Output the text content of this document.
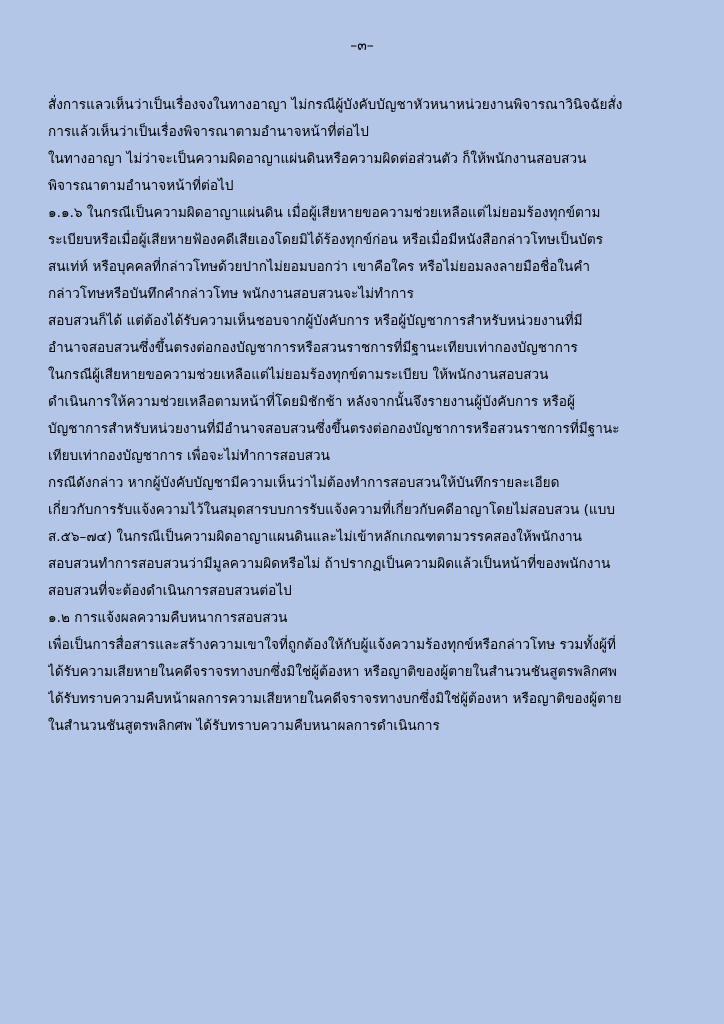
–๓–
สั่งการแลวเห็นว่าเป็นเรื่องจงในทางอาญา ไม่กรณีผู้บังคับบัญชาหัวหนาหน่วยงานพิจารณาวินิจฉัยสั่ง
การแล้วเห็นว่าเป็นเรื่องพิจารณาตามอำนาจหน้าที่ต่อไป
ในทางอาญา ไม่ว่าจะเป็นความผิดอาญาแผ่นดินหรือความผิดต่อส่วนตัว ก็ให้พนักงานสอบสวน
พิจารณาตามอำนาจหน้าที่ต่อไป
๑.๑.๖ ในกรณีเป็นความผิดอาญาแผ่นดิน เมื่อผู้เสียหายขอความช่วยเหลือแต่ไม่ยอมร้องทุกข์ตาม
ระเบียบหรือเมื่อผู้เสียหายฟ้องคดีเสียเองโดยมิได้ร้องทุกข์ก่อน หรือเมื่อมีหนังสือกล่าวโทษเป็นบัตร
สนเท่ห์ หรือบุคคลที่กล่าวโทษด้วยปากไม่ยอมบอกว่า เขาคือใคร หรือไม่ยอมลงลายมือชื่อในคำ
กล่าวโทษหรือบันทึกคำกล่าวโทษ พนักงานสอบสวนจะไม่ทำการ
สอบสวนก็ได้ แต่ต้องได้รับความเห็นชอบจากผู้บังคับการ หรือผู้บัญชาการสำหรับหน่วยงานที่มี
อำนาจสอบสวนซึ่งขึ้นตรงต่อกองบัญชาการหรือสวนราชการที่มีฐานะเทียบเท่ากองบัญชาการ
ในกรณีผู้เสียหายขอความช่วยเหลือแต่ไม่ยอมร้องทุกข์ตามระเบียบ ให้พนักงานสอบสวน
ดำเนินการให้ความช่วยเหลือตามหน้าที่โดยมิชักช้า หลังจากนั้นจึงรายงานผู้บังคับการ หรือผู้
บัญชาการสำหรับหน่วยงานที่มีอำนาจสอบสวนซึ่งขึ้นตรงต่อกองบัญชาการหรือสวนราชการที่มีฐานะ
เทียบเท่ากองบัญชาการ เพื่อจะไม่ทำการสอบสวน
กรณีดังกล่าว หากผู้บังคับบัญชามีความเห็นว่าไม่ต้องทำการสอบสวนให้บันทึกรายละเอียด
เกี่ยวกับการรับแจ้งความไว้ในสมุดสารบบการรับแจ้งความที่เกี่ยวกับคดีอาญาโดยไม่สอบสวน (แบบ
ส.๕๖–๗๔) ในกรณีเป็นความผิดอาญาแผนดินและไม่เข้าหลักเกณฑตามวรรคสองให้พนักงาน
สอบสวนทำการสอบสวนว่ามีมูลความผิดหรือไม่ ถ้าปรากฏเป็นความผิดแล้วเป็นหน้าที่ของพนักงาน
สอบสวนที่จะต้องดำเนินการสอบสวนต่อไป
๑.๒ การแจ้งผลความคืบหนาการสอบสวน
เพื่อเป็นการสื่อสารและสร้างความเขาใจที่ถูกต้องให้กับผู้แจ้งความร้องทุกข์หรือกล่าวโทษ รวมทั้งผู้ที่
ได้รับความเสียหายในคดีจราจรทางบกซึ่งมิใช่ผู้ต้องหา หรือญาติของผู้ตายในสำนวนชันสูตรพลิกศพ
ได้รับทราบความคืบหน้าผลการความเสียหายในคดีจราจรทางบกซึ่งมิใช่ผู้ต้องหา หรือญาติของผู้ตาย
ในสำนวนชันสูตรพลิกศพ ได้รับทราบความคืบหนาผลการดำเนินการ
